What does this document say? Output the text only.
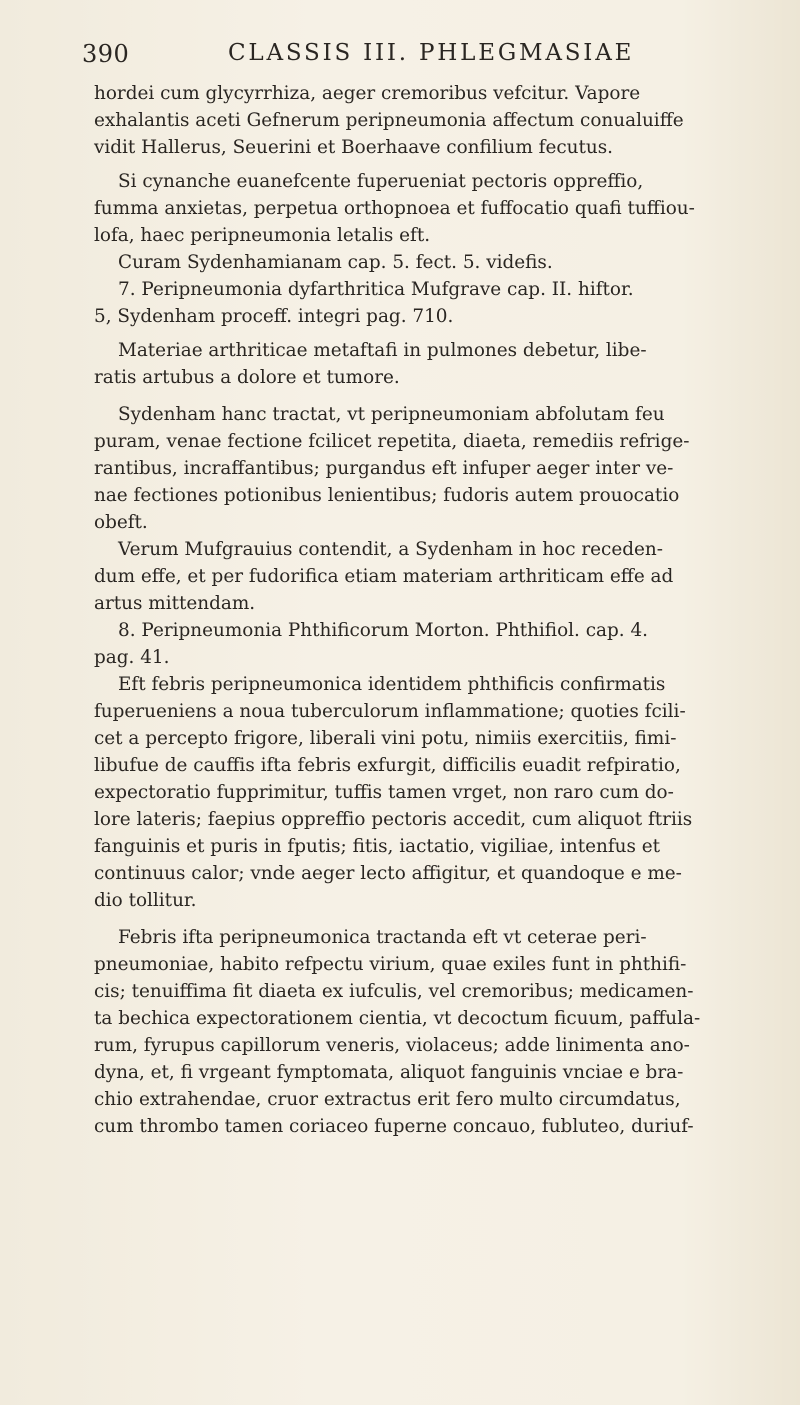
390	CLASSIS III. PHLEGMASIAE
hordei cum glycyrrhiza, aeger cremoribus vefcitur. Vapore
exhalantis aceti Gefnerum peripneumonia affectum conualuiffe
vidit Hallerus, Seuerini et Boerhaave confilium fecutus.
Si cynanche euanefcente fuperueniat pectoris oppreffio,
fumma anxietas, perpetua orthopnoea et fuffocatio quafi tuffiou-
lofa, haec peripneumonia letalis eft.
Curam Sydenhamianam cap. 5. fect. 5. videfis.
7. Peripneumonia dyfarthritica Mufgrave cap. II. hiftor.
5, Sydenham proceff. integri pag. 710.
Materiae arthriticae metaftafi in pulmones debetur, libe-
ratis artubus a dolore et tumore.
Sydenham hanc tractat, vt peripneumoniam abfolutam feu
puram, venae fectione fcilicet repetita, diaeta, remediis refrige-
rantibus, incraffantibus; purgandus eft infuper aeger inter ve-
nae fectiones potionibus lenientibus; fudoris autem prouocatio
obeft.
Verum Mufgrauius contendit, a Sydenham in hoc receden-
dum effe, et per fudorifica etiam materiam arthriticam effe ad
artus mittendam.
8. Peripneumonia Phthificorum Morton. Phthifiol. cap. 4.
pag. 41.
Eft febris peripneumonica identidem phthificis confirmatis
fuperueniens a noua tuberculorum inflammatione; quoties fcili-
cet a percepto frigore, liberali vini potu, nimiis exercitiis, fimi-
libufue de cauffis ifta febris exfurgit, difficilis euadit refpiratio,
expectoratio fupprimitur, tuffis tamen vrget, non raro cum do-
lore lateris; faepius oppreffio pectoris accedit, cum aliquot ftriis
fanguinis et puris in fputis; fitis, iactatio, vigiliae, intenfus et
continuus calor; vnde aeger lecto affigitur, et quandoque e me-
dio tollitur.
Febris ifta peripneumonica tractanda eft vt ceterae peri-
pneumoniae, habito refpectu virium, quae exiles funt in phthifi-
cis; tenuiffima fit diaeta ex iufculis, vel cremoribus; medicamen-
ta bechica expectorationem cientia, vt decoctum ficuum, paffula-
rum, fyrupus capillorum veneris, violaceus; adde linimenta ano-
dyna, et, fi vrgeant fymptomata, aliquot fanguinis vnciae e bra-
chio extrahendae, cruor extractus erit fero multo circumdatus,
cum thrombo tamen coriaceo fuperne concauo, fubluteo, duriuf-
